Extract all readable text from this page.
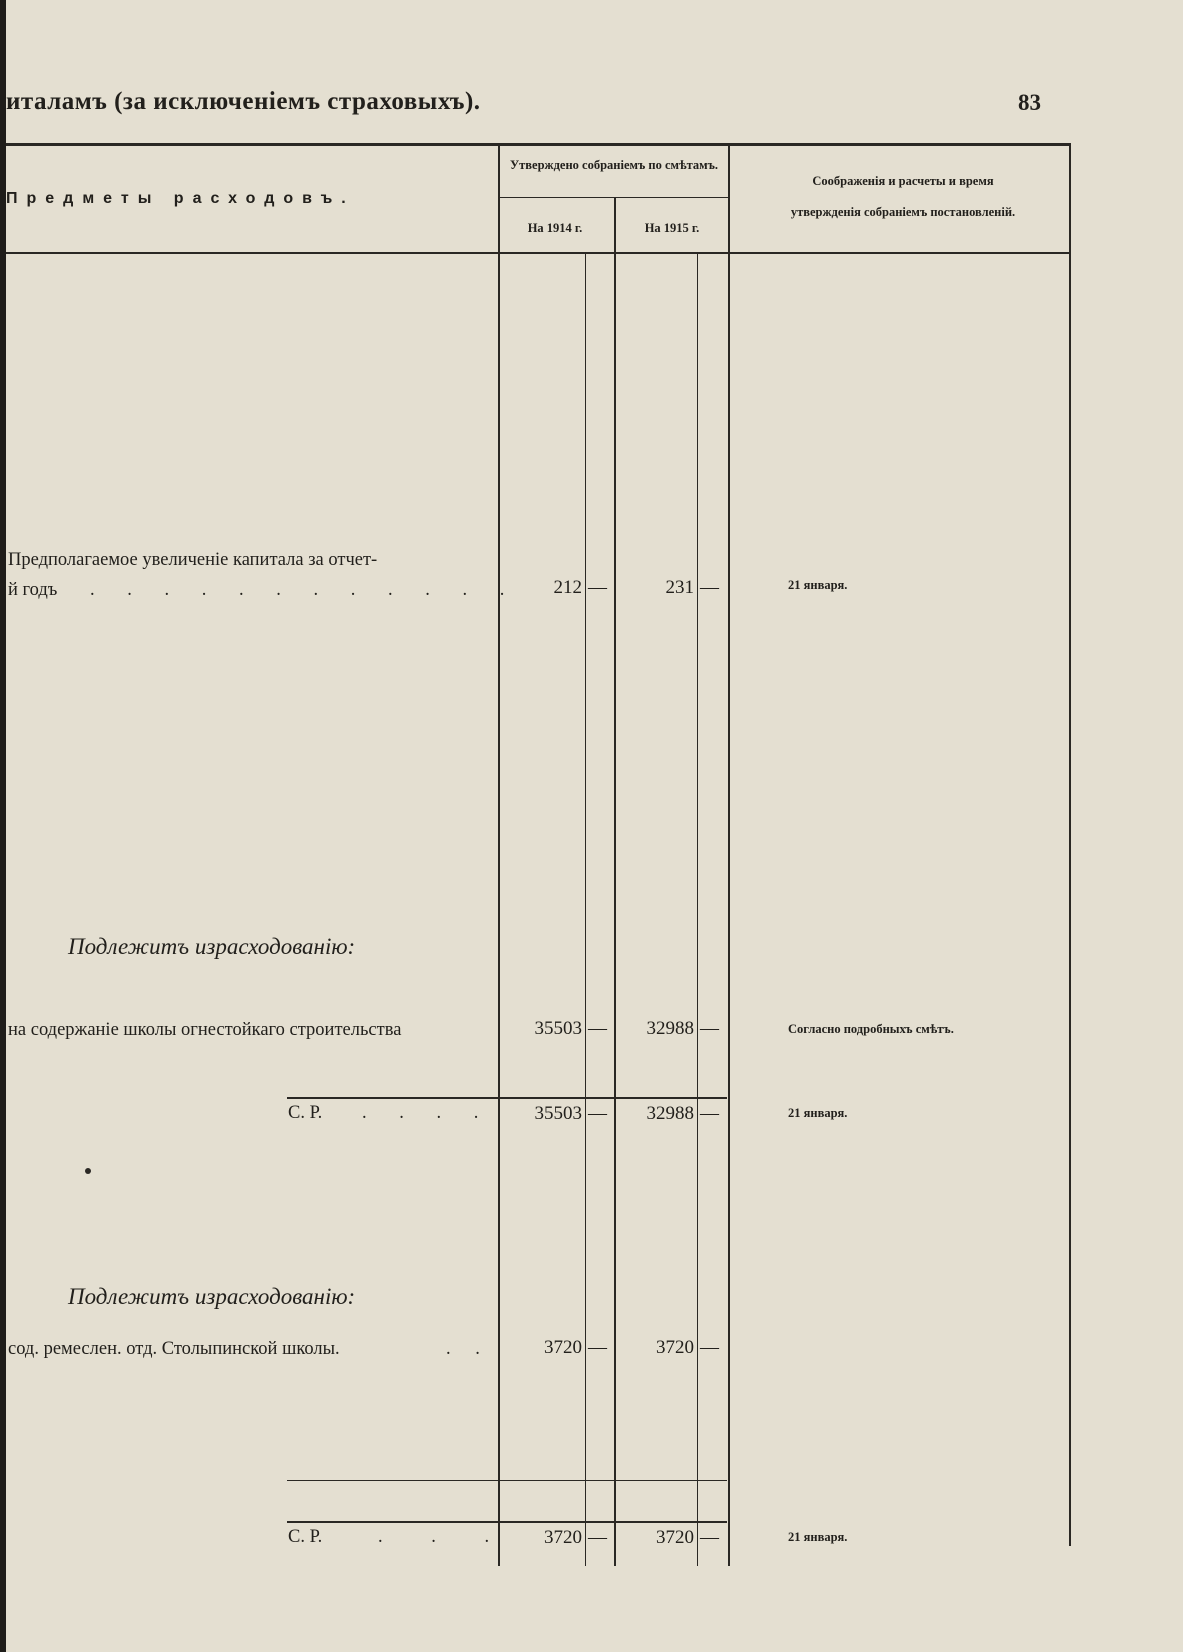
италамъ (за исключеніемъ страховыхъ).	83
Предметы расходовъ.
Утверждено собраніемъ по смѣтамъ.
На 1914 г.	На 1915 г.
Соображенія и расчеты и время
утвержденія собраніемъ постановленій.
Предполагаемое увеличеніе капитала за отчет-
й годъ . . . . . . . . . . . .	212 —	231 —	21 января.
Подлежитъ израсходованію:
на содержаніе школы огнестойкаго строительства	35503 —	32988 —	Согласно подробныхъ смѣтъ.
С. Р. . . . .	35503 —	32988 —	21 января.
Подлежитъ израсходованію:
сод. ремеслен. отд. Столыпинской школы.	. .	3720 —	3720 —
С. Р.	. . .	3720 —	3720 —	21 января.
